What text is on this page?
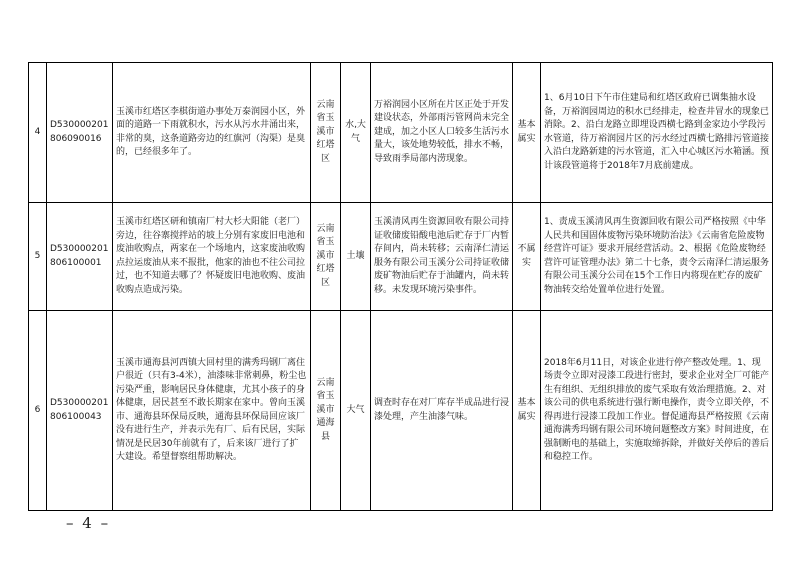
4	D530000201806090016	玉溪市红塔区李棋街道办事处万泰润园小区，外面的道路一下雨就积水，污水从污水井涌出来，非常的臭，这条道路旁边的红旗河（沟渠）是臭的，已经很多年了。	云南省玉溪市红塔区	水,大气	万裕润园小区所在片区正处于开发建设状态，外部雨污管网尚未完全建成，加之小区人口较多生活污水量大，该处地势较低，排水不畅，导致雨季局部内涝现象。	基本属实	1、6月10日下午市住建局和红塔区政府已调集抽水设备，万裕润园周边的积水已经排走，检查井冒水的现象已消除。2、沿白龙路立即埋设西横七路到金家边小学段污水管道，待万裕润园片区的污水经过西横七路排污管道接入沿白龙路新建的污水管道，汇入中心城区污水箱涵。预计该段管道将于2018年7月底前建成。
5	D530000201806100001	玉溪市红塔区研和镇南厂村大杉大阳能（老厂）旁边，往谷寨搅拌站的坡上分别有家废旧电池和废油收购点，两家在一个场地内，这家废油收购点拉运废油从来不报批，他家的油也不往公司拉过，也不知道去哪了？怀疑废旧电池收购、废油收购点造成污染。	云南省玉溪市红塔区	土壤	玉溪清风再生资源回收有限公司持证收储废铅酸电池后贮存于厂内暂存间内，尚未转移；云南泽仁清运服务有限公司玉溪分公司持证收储废矿物油后贮存于油罐内，尚未转移。未发现环境污染事件。	不属实	1、责成玉溪清风再生资源回收有限公司严格按照《中华人民共和国固体废物污染环境防治法》《云南省危险废物经营许可证》要求开展经营活动。2、根据《危险废物经营许可证管理办法》第二十七条，责令云南泽仁清运服务有限公司玉溪分公司在15个工作日内将现在贮存的废矿物油转交给处置单位进行处置。
6	D530000201806100043	玉溪市通海县河西镇大回村里的满秀玛钢厂离住户很近（只有3-4米），油漆味非常刺鼻，粉尘也污染严重，影响居民身体健康，尤其小孩子的身体健康，居民甚至不敢长期家在家中。曾向玉溪市、通海县环保局反映，通海县环保局回应该厂没有进行生产，并表示先有厂、后有民居，实际情况是民居30年前就有了，后来该厂进行了扩大建设。希望督察组帮助解决。	云南省玉溪市通海县	大气	调查时存在对厂库存半成品进行浸漆处理，产生油漆气味。	基本属实	2018年6月11日，对该企业进行停产整改处理。1、现场责令立即对浸漆工段进行密封，要求企业对全厂可能产生有组织、无组织排放的废气采取有效治理措施。2、对该公司的供电系统进行强行断电操作，责令立即关停，不得再进行浸漆工段加工作业。督促通海县严格按照《云南通海满秀玛钢有限公司环境问题整改方案》时间进度，在强制断电的基础上，实施取缔拆除，并做好关停后的善后和稳控工作。
– 4 –
